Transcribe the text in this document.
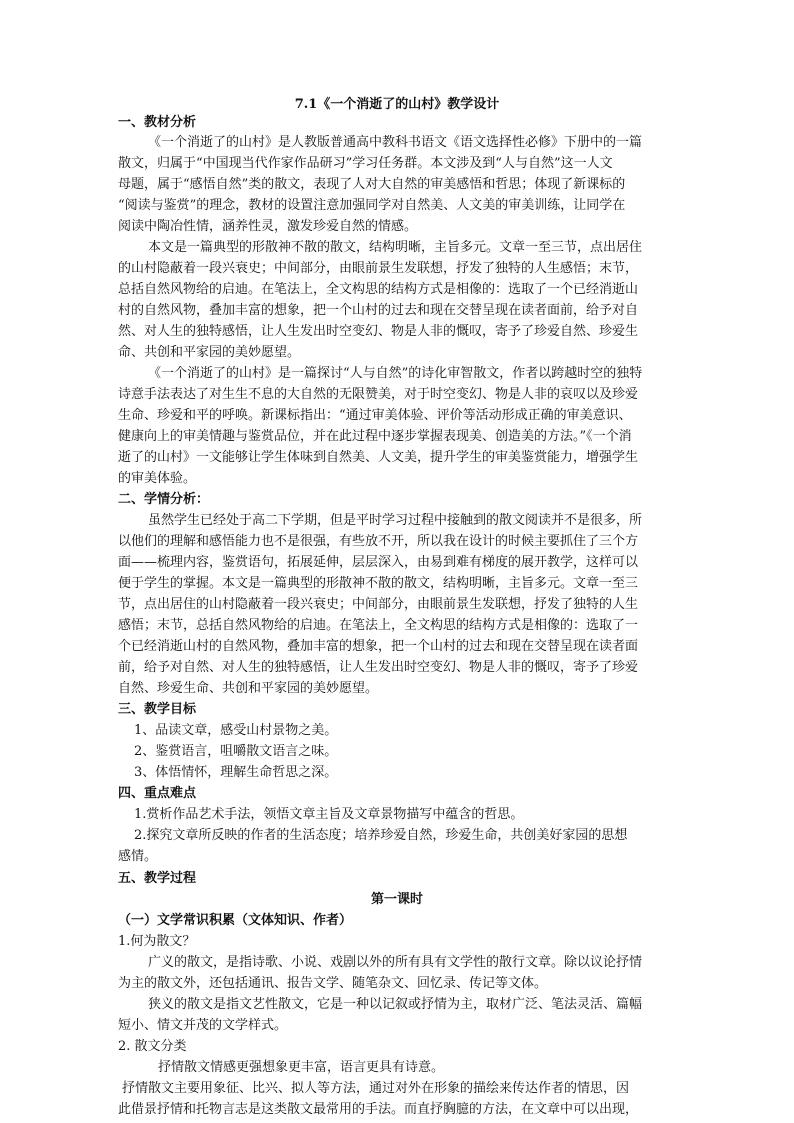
7.1《一个消逝了的山村》教学设计
一、教材分析
《一个消逝了的山村》是人教版普通高中教科书语文《语文选择性必修》下册中的一篇
散文，归属于“中国现当代作家作品研习”学习任务群。本文涉及到“人与自然”这一人文
母题，属于“感悟自然”类的散文，表现了人对大自然的审美感悟和哲思；体现了新课标的
“阅读与鉴赏”的理念，教材的设置注意加强同学对自然美、人文美的审美训练，让同学在
阅读中陶冶性情，涵养性灵，激发珍爱自然的情感。
本文是一篇典型的形散神不散的散文，结构明晰，主旨多元。文章一至三节，点出居住
的山村隐蔽着一段兴衰史；中间部分，由眼前景生发联想，抒发了独特的人生感悟；末节，
总括自然风物给的启迪。在笔法上，全文构思的结构方式是相像的：选取了一个已经消逝山
村的自然风物，叠加丰富的想象，把一个山村的过去和现在交替呈现在读者面前，给予对自
然、对人生的独特感悟，让人生发出时空变幻、物是人非的慨叹，寄予了珍爱自然、珍爱生
命、共创和平家园的美妙愿望。
《一个消逝了的山村》是一篇探讨“人与自然”的诗化审智散文，作者以跨越时空的独特
诗意手法表达了对生生不息的大自然的无限赞美，对于时空变幻、物是人非的哀叹以及珍爱
生命、珍爱和平的呼唤。新课标指出：“通过审美体验、评价等活动形成正确的审美意识、
健康向上的审美情趣与鉴赏品位，并在此过程中逐步掌握表现美、创造美的方法。”《一个消
逝了的山村》一文能够让学生体味到自然美、人文美，提升学生的审美鉴赏能力，增强学生
的审美体验。
二、学情分析：
虽然学生已经处于高二下学期，但是平时学习过程中接触到的散文阅读并不是很多，所
以他们的理解和感悟能力也不是很强，有些放不开，所以我在设计的时候主要抓住了三个方
面——梳理内容，鉴赏语句，拓展延伸，层层深入，由易到难有梯度的展开教学，这样可以
便于学生的掌握。本文是一篇典型的形散神不散的散文，结构明晰，主旨多元。文章一至三
节，点出居住的山村隐蔽着一段兴衰史；中间部分，由眼前景生发联想，抒发了独特的人生
感悟；末节，总括自然风物给的启迪。在笔法上，全文构思的结构方式是相像的：选取了一
个已经消逝山村的自然风物，叠加丰富的想象，把一个山村的过去和现在交替呈现在读者面
前，给予对自然、对人生的独特感悟，让人生发出时空变幻、物是人非的慨叹，寄予了珍爱
自然、珍爱生命、共创和平家园的美妙愿望。
三、教学目标
1、品读文章，感受山村景物之美。
2、鉴赏语言，咀嚼散文语言之味。
3、体悟情怀，理解生命哲思之深。
四、重点难点
1.赏析作品艺术手法，领悟文章主旨及文章景物描写中蕴含的哲思。
2.探究文章所反映的作者的生活态度；培养珍爱自然，珍爱生命，共创美好家园的思想
感情。
五、教学过程
第一课时
（一）文学常识积累（文体知识、作者）
1.何为散文？
广义的散文，是指诗歌、小说、戏剧以外的所有具有文学性的散行文章。除以议论抒情
为主的散文外，还包括通讯、报告文学、随笔杂文、回忆录、传记等文体。
狭义的散文是指文艺性散文，它是一种以记叙或抒情为主，取材广泛、笔法灵活、篇幅
短小、情文并茂的文学样式。
2. 散文分类
抒情散文情感更强想象更丰富，语言更具有诗意。
抒情散文主要用象征、比兴、拟人等方法，通过对外在形象的描绘来传达作者的情思，因
此借景抒情和托物言志是这类散文最常用的手法。而直抒胸臆的方法，在文章中可以出现，
